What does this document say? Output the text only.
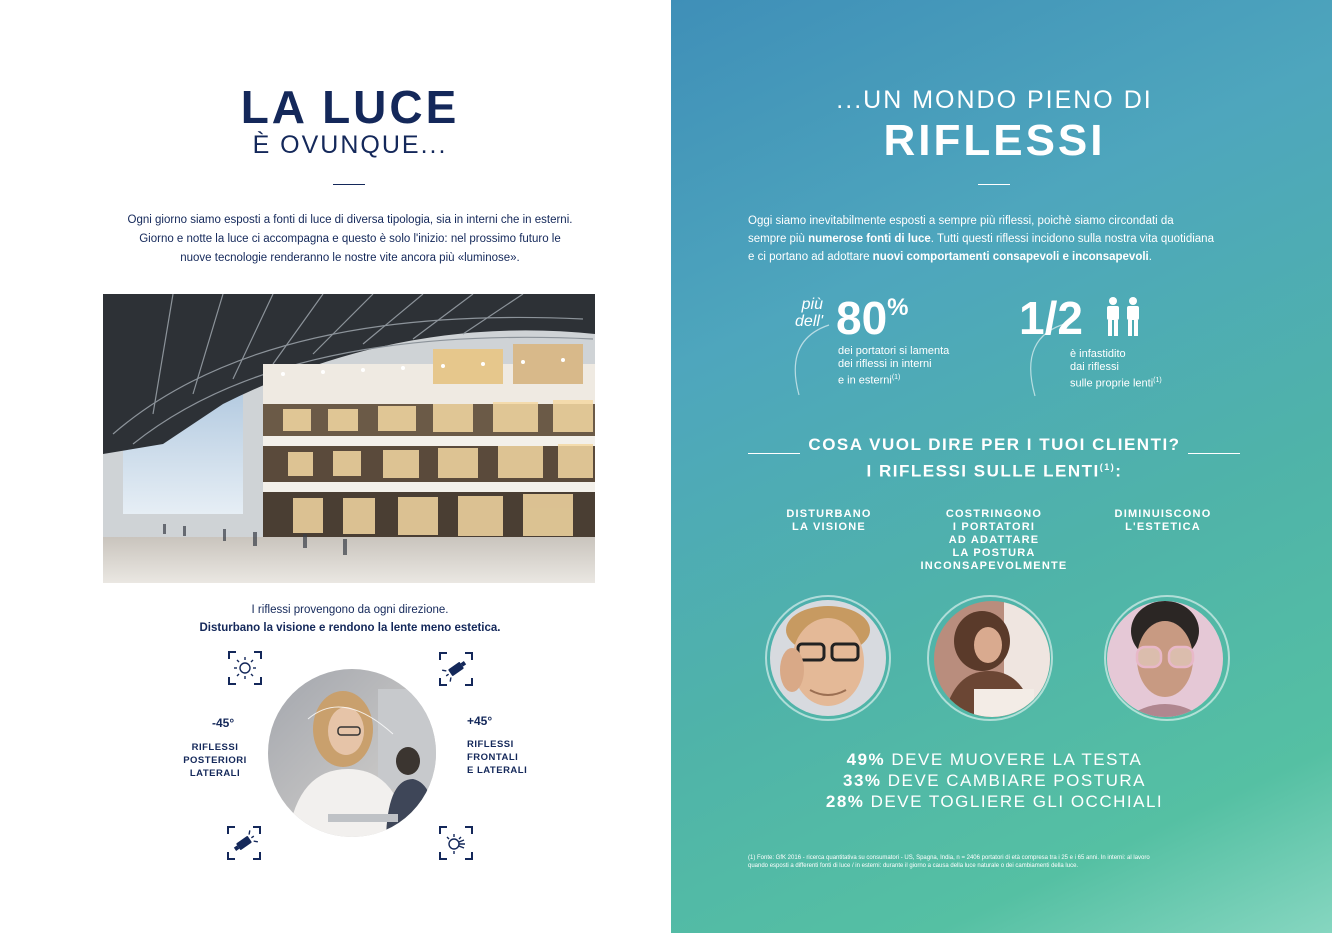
LA LUCE
È OVUNQUE...
Ogni giorno siamo esposti a fonti di luce di diversa tipologia, sia in interni che in esterni.
Giorno e notte la luce ci accompagna e questo è solo l'inizio: nel prossimo futuro le
nuove tecnologie renderanno le nostre vite ancora più «luminose».
I riflessi provengono da ogni direzione.
Disturbano la visione e rendono la lente meno estetica.
-45°
RIFLESSI
POSTERIORI
LATERALI
+45°
RIFLESSI
FRONTALI
E LATERALI
...UN MONDO PIENO DI
RIFLESSI
Oggi siamo inevitabilmente esposti a sempre più riflessi, poichè siamo circondati da
sempre più numerose fonti di luce. Tutti questi riflessi incidono sulla nostra vita quotidiana
e ci portano ad adottare nuovi comportamenti consapevoli e inconsapevoli.
più
dell' 80%
dei portatori si lamenta
dei riflessi in interni
e in esterni$^{(1)}$
1/2
è infastidito
dai riflessi
sulle proprie lenti$^{(1)}$
COSA VUOL DIRE PER I TUOI CLIENTI?
I RIFLESSI SULLE LENTI$^{(1)}$:
DISTURBANO
LA VISIONE
COSTRINGONO
I PORTATORI
AD ADATTARE
LA POSTURA
INCONSAPEVOLMENTE
DIMINUISCONO
L'ESTETICA
49% DEVE MUOVERE LA TESTA
33% DEVE CAMBIARE POSTURA
28% DEVE TOGLIERE GLI OCCHIALI
(1) Fonte: GfK 2016 - ricerca quantitativa su consumatori - US, Spagna, India, n = 2406 portatori di età compresa tra i 25 e i 65 anni. In interni: al lavoro
quando esposti a differenti fonti di luce / in esterni: durante il giorno a causa della luce naturale o dei cambiamenti della luce.
